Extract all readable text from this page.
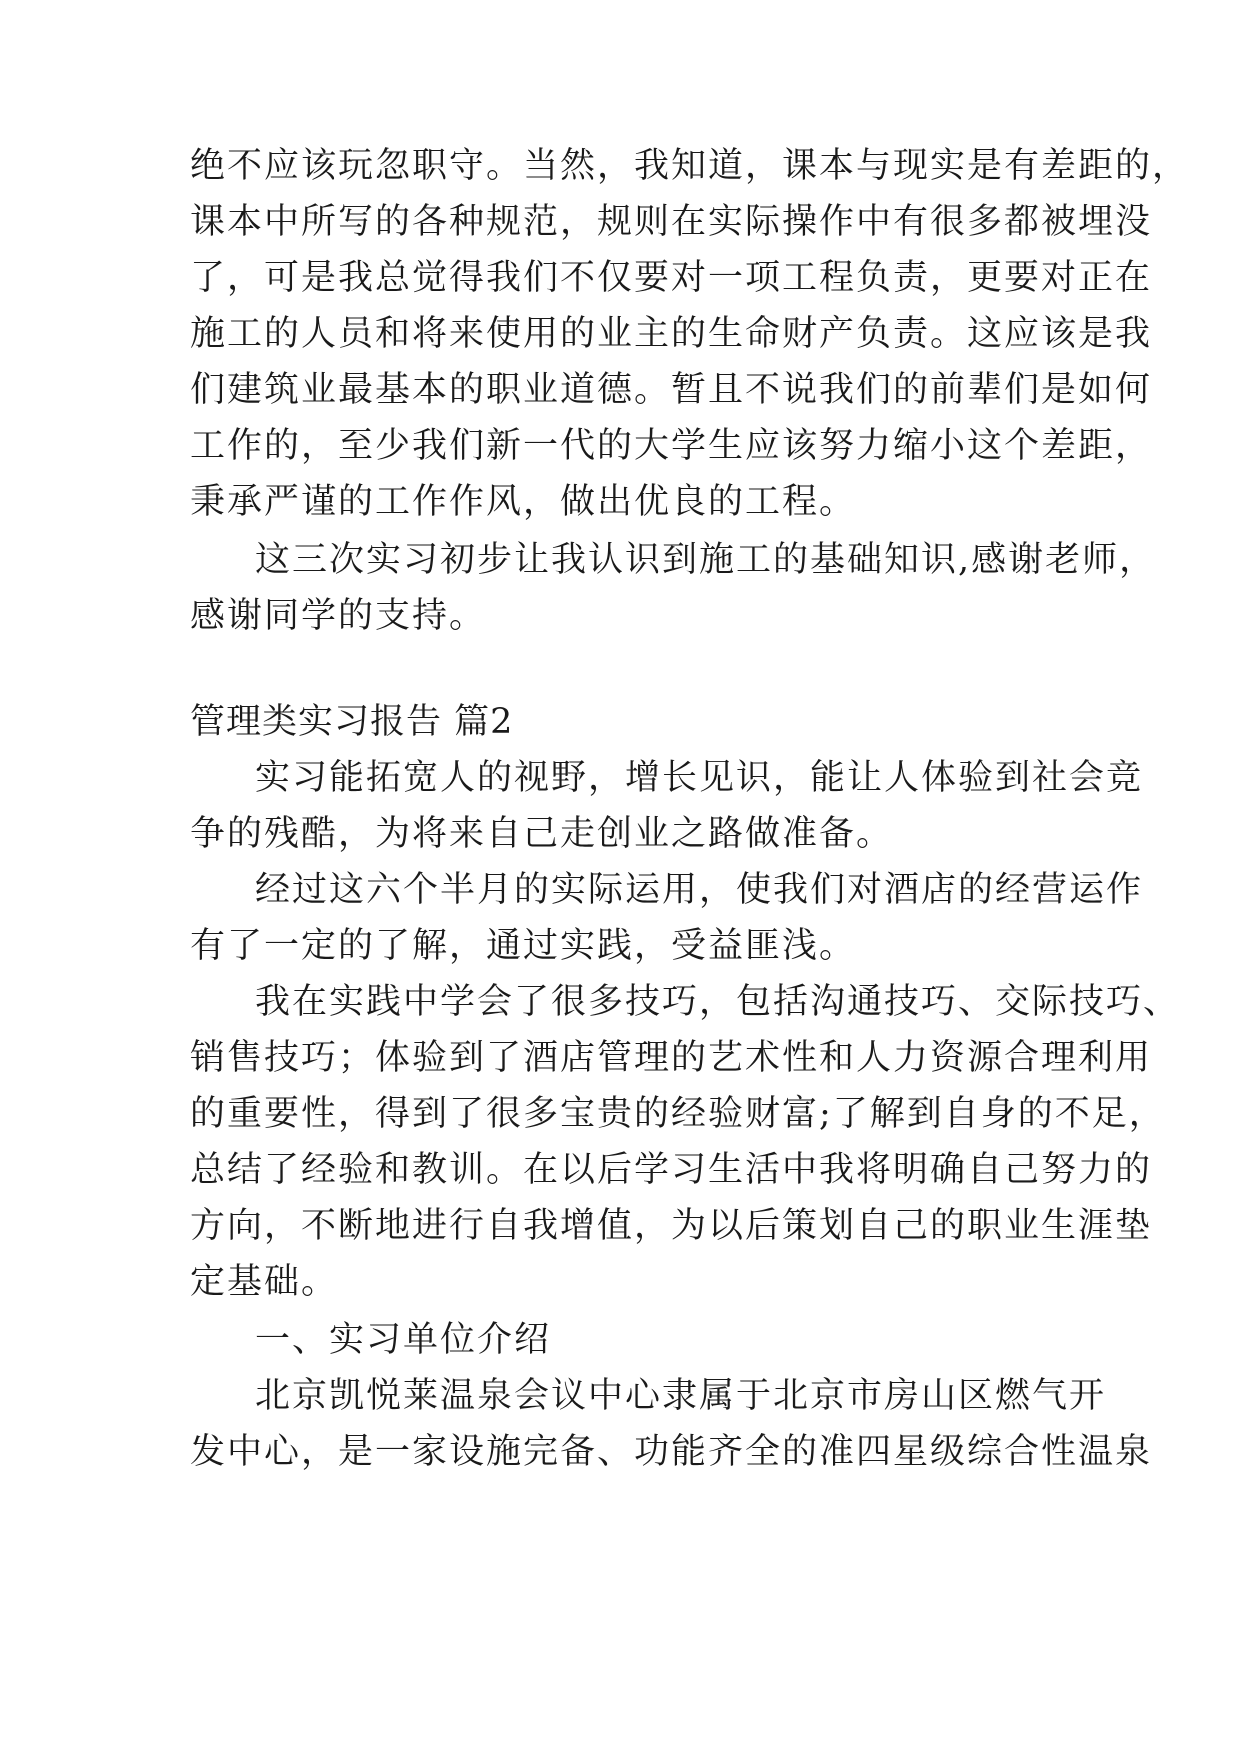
绝不应该玩忽职守。当然，我知道，课本与现实是有差距的，
课本中所写的各种规范，规则在实际操作中有很多都被埋没
了，可是我总觉得我们不仅要对一项工程负责，更要对正在
施工的人员和将来使用的业主的生命财产负责。这应该是我
们建筑业最基本的职业道德。暂且不说我们的前辈们是如何
工作的，至少我们新一代的大学生应该努力缩小这个差距，
秉承严谨的工作作风，做出优良的工程。
这三次实习初步让我认识到施工的基础知识,感谢老师，
感谢同学的支持。
管理类实习报告 篇2
实习能拓宽人的视野，增长见识，能让人体验到社会竞
争的残酷，为将来自己走创业之路做准备。
经过这六个半月的实际运用，使我们对酒店的经营运作
有了一定的了解，通过实践，受益匪浅。
我在实践中学会了很多技巧，包括沟通技巧、交际技巧、
销售技巧；体验到了酒店管理的艺术性和人力资源合理利用
的重要性，得到了很多宝贵的经验财富;了解到自身的不足，
总结了经验和教训。在以后学习生活中我将明确自己努力的
方向，不断地进行自我增值，为以后策划自己的职业生涯垫
定基础。
一、实习单位介绍
北京凯悦莱温泉会议中心隶属于北京市房山区燃气开
发中心，是一家设施完备、功能齐全的准四星级综合性温泉
